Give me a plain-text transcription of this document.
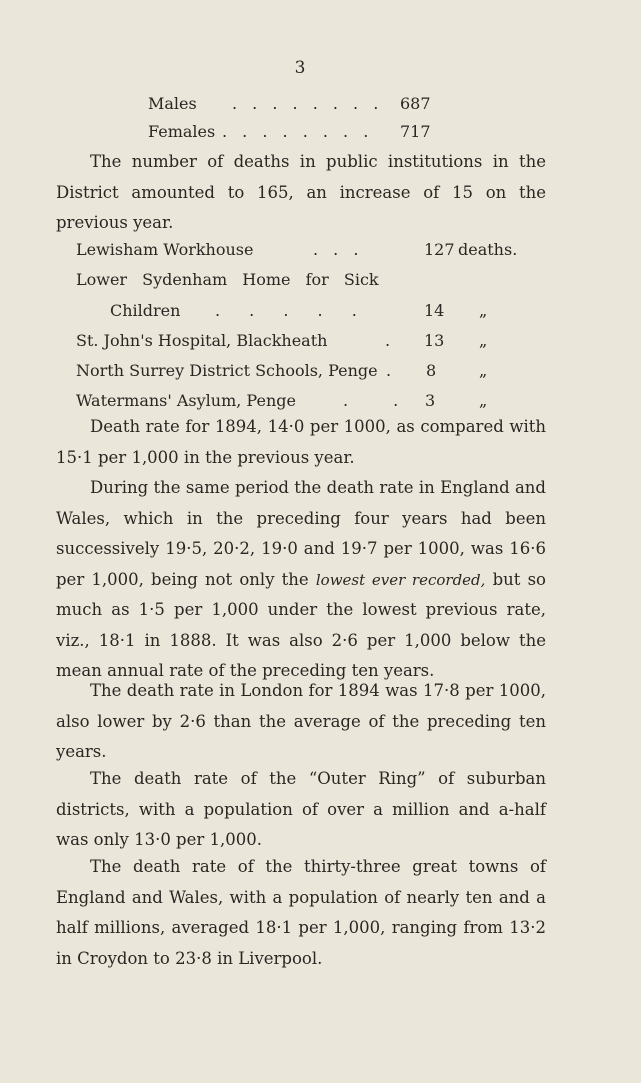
3
Males . . . . . . . . 687
Females . . . . . . . . 717
The number of deaths in public institutions in the District amounted to 165, an increase of 15 on the previous year.
Lewisham Workhouse	. . .	127 deaths.
Lower Sydenham Home for Sick
Children . . . . .	14 „
St. John's Hospital, Blackheath	. 13 „
North Surrey District Schools, Penge . 8	„
Watermans' Asylum, Penge	. . 3	„
Death rate for 1894, 14·0 per 1000, as compared with 15·1 per 1,000 in the previous year.
During the same period the death rate in England and Wales, which in the preceding four years had been successively 19·5, 20·2, 19·0 and 19·7 per 1000, was 16·6 per 1,000, being not only the lowest ever recorded, but so much as 1·5 per 1,000 under the lowest previous rate, viz., 18·1 in 1888. It was also 2·6 per 1,000 below the mean annual rate of the preceding ten years.
The death rate in London for 1894 was 17·8 per 1000, also lower by 2·6 than the average of the preceding ten years.
The death rate of the “Outer Ring” of suburban districts, with a population of over a million and a-half was only 13·0 per 1,000.
The death rate of the thirty-three great towns of England and Wales, with a population of nearly ten and a half millions, averaged 18·1 per 1,000, ranging from 13·2 in Croydon to 23·8 in Liverpool.
